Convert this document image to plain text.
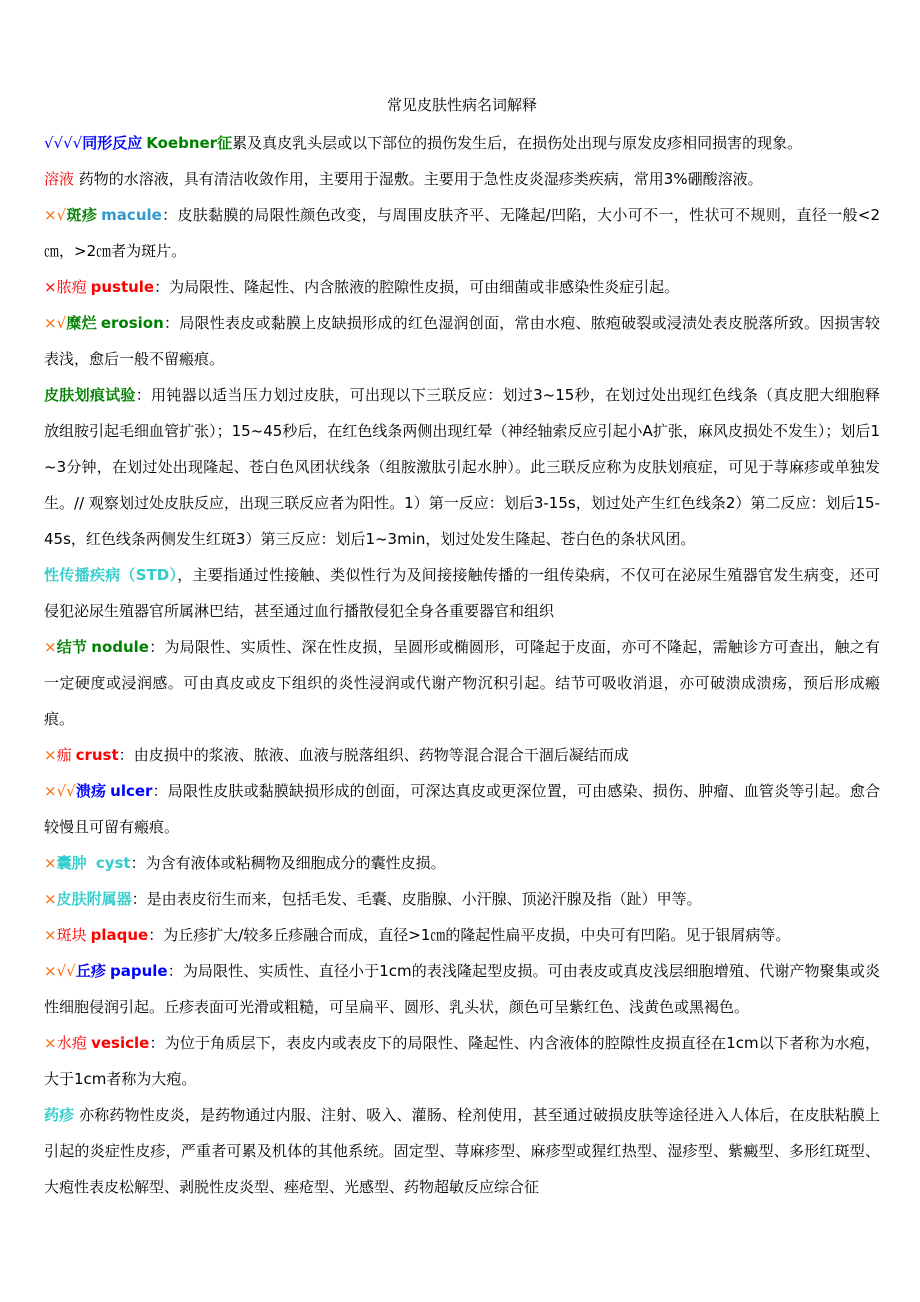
常见皮肤性病名词解释

√√√√同形反应 Koebner征累及真皮乳头层或以下部位的损伤发生后，在损伤处出现与原发皮疹相同损害的现象。

溶液 药物的水溶液，具有清洁收敛作用，主要用于湿敷。主要用于急性皮炎湿疹类疾病，常用3%硼酸溶液。

×√斑疹 macule：皮肤黏膜的局限性颜色改变，与周围皮肤齐平、无隆起/凹陷，大小可不一，性状可不规则，直径一般<2㎝，>2㎝者为斑片。

×脓疱 pustule：为局限性、隆起性、内含脓液的腔隙性皮损，可由细菌或非感染性炎症引起。

×√糜烂 erosion：局限性表皮或黏膜上皮缺损形成的红色湿润创面，常由水疱、脓疱破裂或浸渍处表皮脱落所致。因损害较表浅，愈后一般不留瘢痕。

皮肤划痕试验：用钝器以适当压力划过皮肤，可出现以下三联反应：划过3~15秒，在划过处出现红色线条（真皮肥大细胞释放组胺引起毛细血管扩张）；15~45秒后，在红色线条两侧出现红晕（神经轴索反应引起小A扩张，麻风皮损处不发生）；划后1~3分钟，在划过处出现隆起、苍白色风团状线条（组胺激肽引起水肿）。此三联反应称为皮肤划痕症，可见于荨麻疹或单独发生。// 观察划过处皮肤反应，出现三联反应者为阳性。1）第一反应：划后3-15s，划过处产生红色线条2）第二反应：划后15-45s，红色线条两侧发生红斑3）第三反应：划后1~3min，划过处发生隆起、苍白色的条状风团。

性传播疾病（STD），主要指通过性接触、类似性行为及间接接触传播的一组传染病，不仅可在泌尿生殖器官发生病变，还可侵犯泌尿生殖器官所属淋巴结，甚至通过血行播散侵犯全身各重要器官和组织

×结节 nodule：为局限性、实质性、深在性皮损，呈圆形或椭圆形，可隆起于皮面，亦可不隆起，需触诊方可查出，触之有一定硬度或浸润感。可由真皮或皮下组织的炎性浸润或代谢产物沉积引起。结节可吸收消退，亦可破溃成溃疡，预后形成瘢痕。

×痂 crust：由皮损中的浆液、脓液、血液与脱落组织、药物等混合混合干涸后凝结而成

×√√溃疡 ulcer：局限性皮肤或黏膜缺损形成的创面，可深达真皮或更深位置，可由感染、损伤、肿瘤、血管炎等引起。愈合较慢且可留有瘢痕。

×囊肿 cyst：为含有液体或粘稠物及细胞成分的囊性皮损。

×皮肤附属器：是由表皮衍生而来，包括毛发、毛囊、皮脂腺、小汗腺、顶泌汗腺及指（趾）甲等。

×斑块 plaque：为丘疹扩大/较多丘疹融合而成，直径>1㎝的隆起性扁平皮损，中央可有凹陷。见于银屑病等。

×√√丘疹 papule：为局限性、实质性、直径小于1cm的表浅隆起型皮损。可由表皮或真皮浅层细胞增殖、代谢产物聚集或炎性细胞侵润引起。丘疹表面可光滑或粗糙，可呈扁平、圆形、乳头状，颜色可呈紫红色、浅黄色或黑褐色。

×水疱 vesicle：为位于角质层下，表皮内或表皮下的局限性、隆起性、内含液体的腔隙性皮损直径在1cm以下者称为水疱，大于1cm者称为大疱。

药疹 亦称药物性皮炎，是药物通过内服、注射、吸入、灌肠、栓剂使用，甚至通过破损皮肤等途径进入人体后，在皮肤粘膜上引起的炎症性皮疹，严重者可累及机体的其他系统。固定型、荨麻疹型、麻疹型或猩红热型、湿疹型、紫癜型、多形红斑型、大疱性表皮松解型、剥脱性皮炎型、痤疮型、光感型、药物超敏反应综合征
